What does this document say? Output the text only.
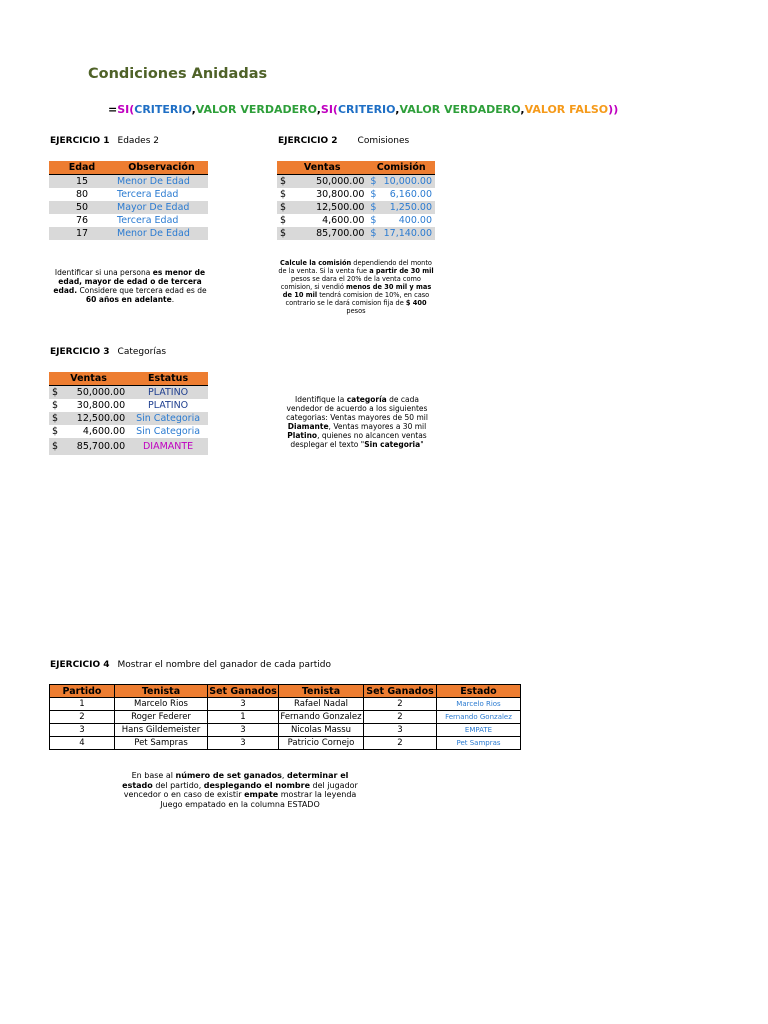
Condiciones Anidadas
=SI(CRITERIO,VALOR VERDADERO,SI(CRITERIO,VALOR VERDADERO,VALOR FALSO))
EJERCICIO 1 Edades 2
Edad	Observación
15	Menor De Edad
80	Tercera Edad
50	Mayor De Edad
76	Tercera Edad
17	Menor De Edad
Identificar si una persona es menor de edad, mayor de edad o de tercera edad. Considere que tercera edad es de 60 años en adelante.
EJERCICIO 2 Comisiones
Ventas		Comisión	
$	50,000.00	$	10,000.00
$	30,800.00	$	6,160.00
$	12,500.00	$	1,250.00
$	4,600.00	$	400.00
$	85,700.00	$	17,140.00
Calcule la comisión dependiendo del monto de la venta. Si la venta fue a partir de 30 mil pesos se dara el 20% de la venta como comision, si vendió menos de 30 mil y mas de 10 mil tendrá comision de 10%, en caso contrario se le dará comision fija de $ 400 pesos
EJERCICIO 3 Categorías
Ventas		Estatus
$	50,000.00	PLATINO
$	30,800.00	PLATINO
$	12,500.00	Sin Categoria
$	4,600.00	Sin Categoria
$	85,700.00	DIAMANTE
Identifique la categoría de cada vendedor de acuerdo a los siguientes categorias: Ventas mayores de 50 mil Diamante, Ventas mayores a 30 mil Platino, quienes no alcancen ventas desplegar el texto "Sin categoria"
EJERCICIO 4 Mostrar el nombre del ganador de cada partido
Partido	Tenista	Set Ganados	Tenista	Set Ganados	Estado
1	Marcelo Rios	3	Rafael Nadal	2	Marcelo Rios
2	Roger Federer	1	Fernando Gonzalez	2	Fernando Gonzalez
3	Hans Gildemeister	3	Nicolas Massu	3	EMPATE
4	Pet Sampras	3	Patricio Cornejo	2	Pet Sampras
En base al número de set ganados, determinar el estado del partido, desplegando el nombre del jugador vencedor o en caso de existir empate mostrar la leyenda Juego empatado en la columna ESTADO
